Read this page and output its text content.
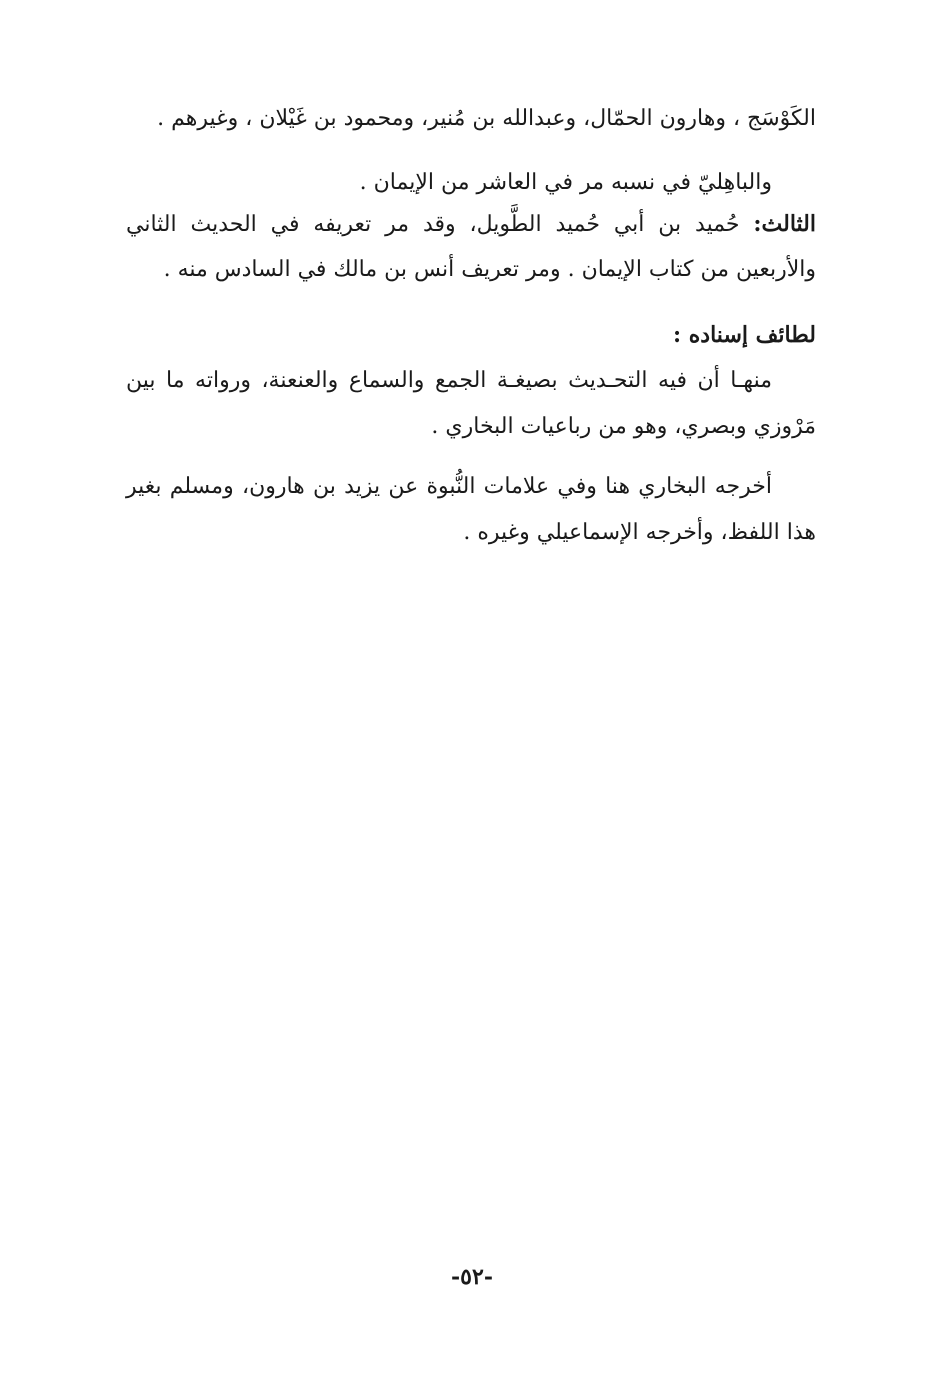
الكَوْسَج ، وهارون الحمّال، وعبدالله بن مُنير، ومحمود بن غَيْلان ، وغيرهم .
والباهِليّ في نسبه مر في العاشر من الإيمان .
الثالث: حُميد بن أبي حُميد الطَّويل، وقد مر تعريفه في الحديث الثاني
والأربعين من كتاب الإيمان . ومر تعريف أنس بن مالك في السادس منه .
لطائف إسناده :
منهـا أن فيه التحـديث بصيغـة الجمع والسماع والعنعنة، ورواته ما بين
مَرْوزي وبصري، وهو من رباعيات البخاري .
أخرجه البخاري هنا وفي علامات النُّبوة عن يزيد بن هارون، ومسلم بغير
هذا اللفظ، وأخرجه الإسماعيلي وغيره .
-٥٢-
